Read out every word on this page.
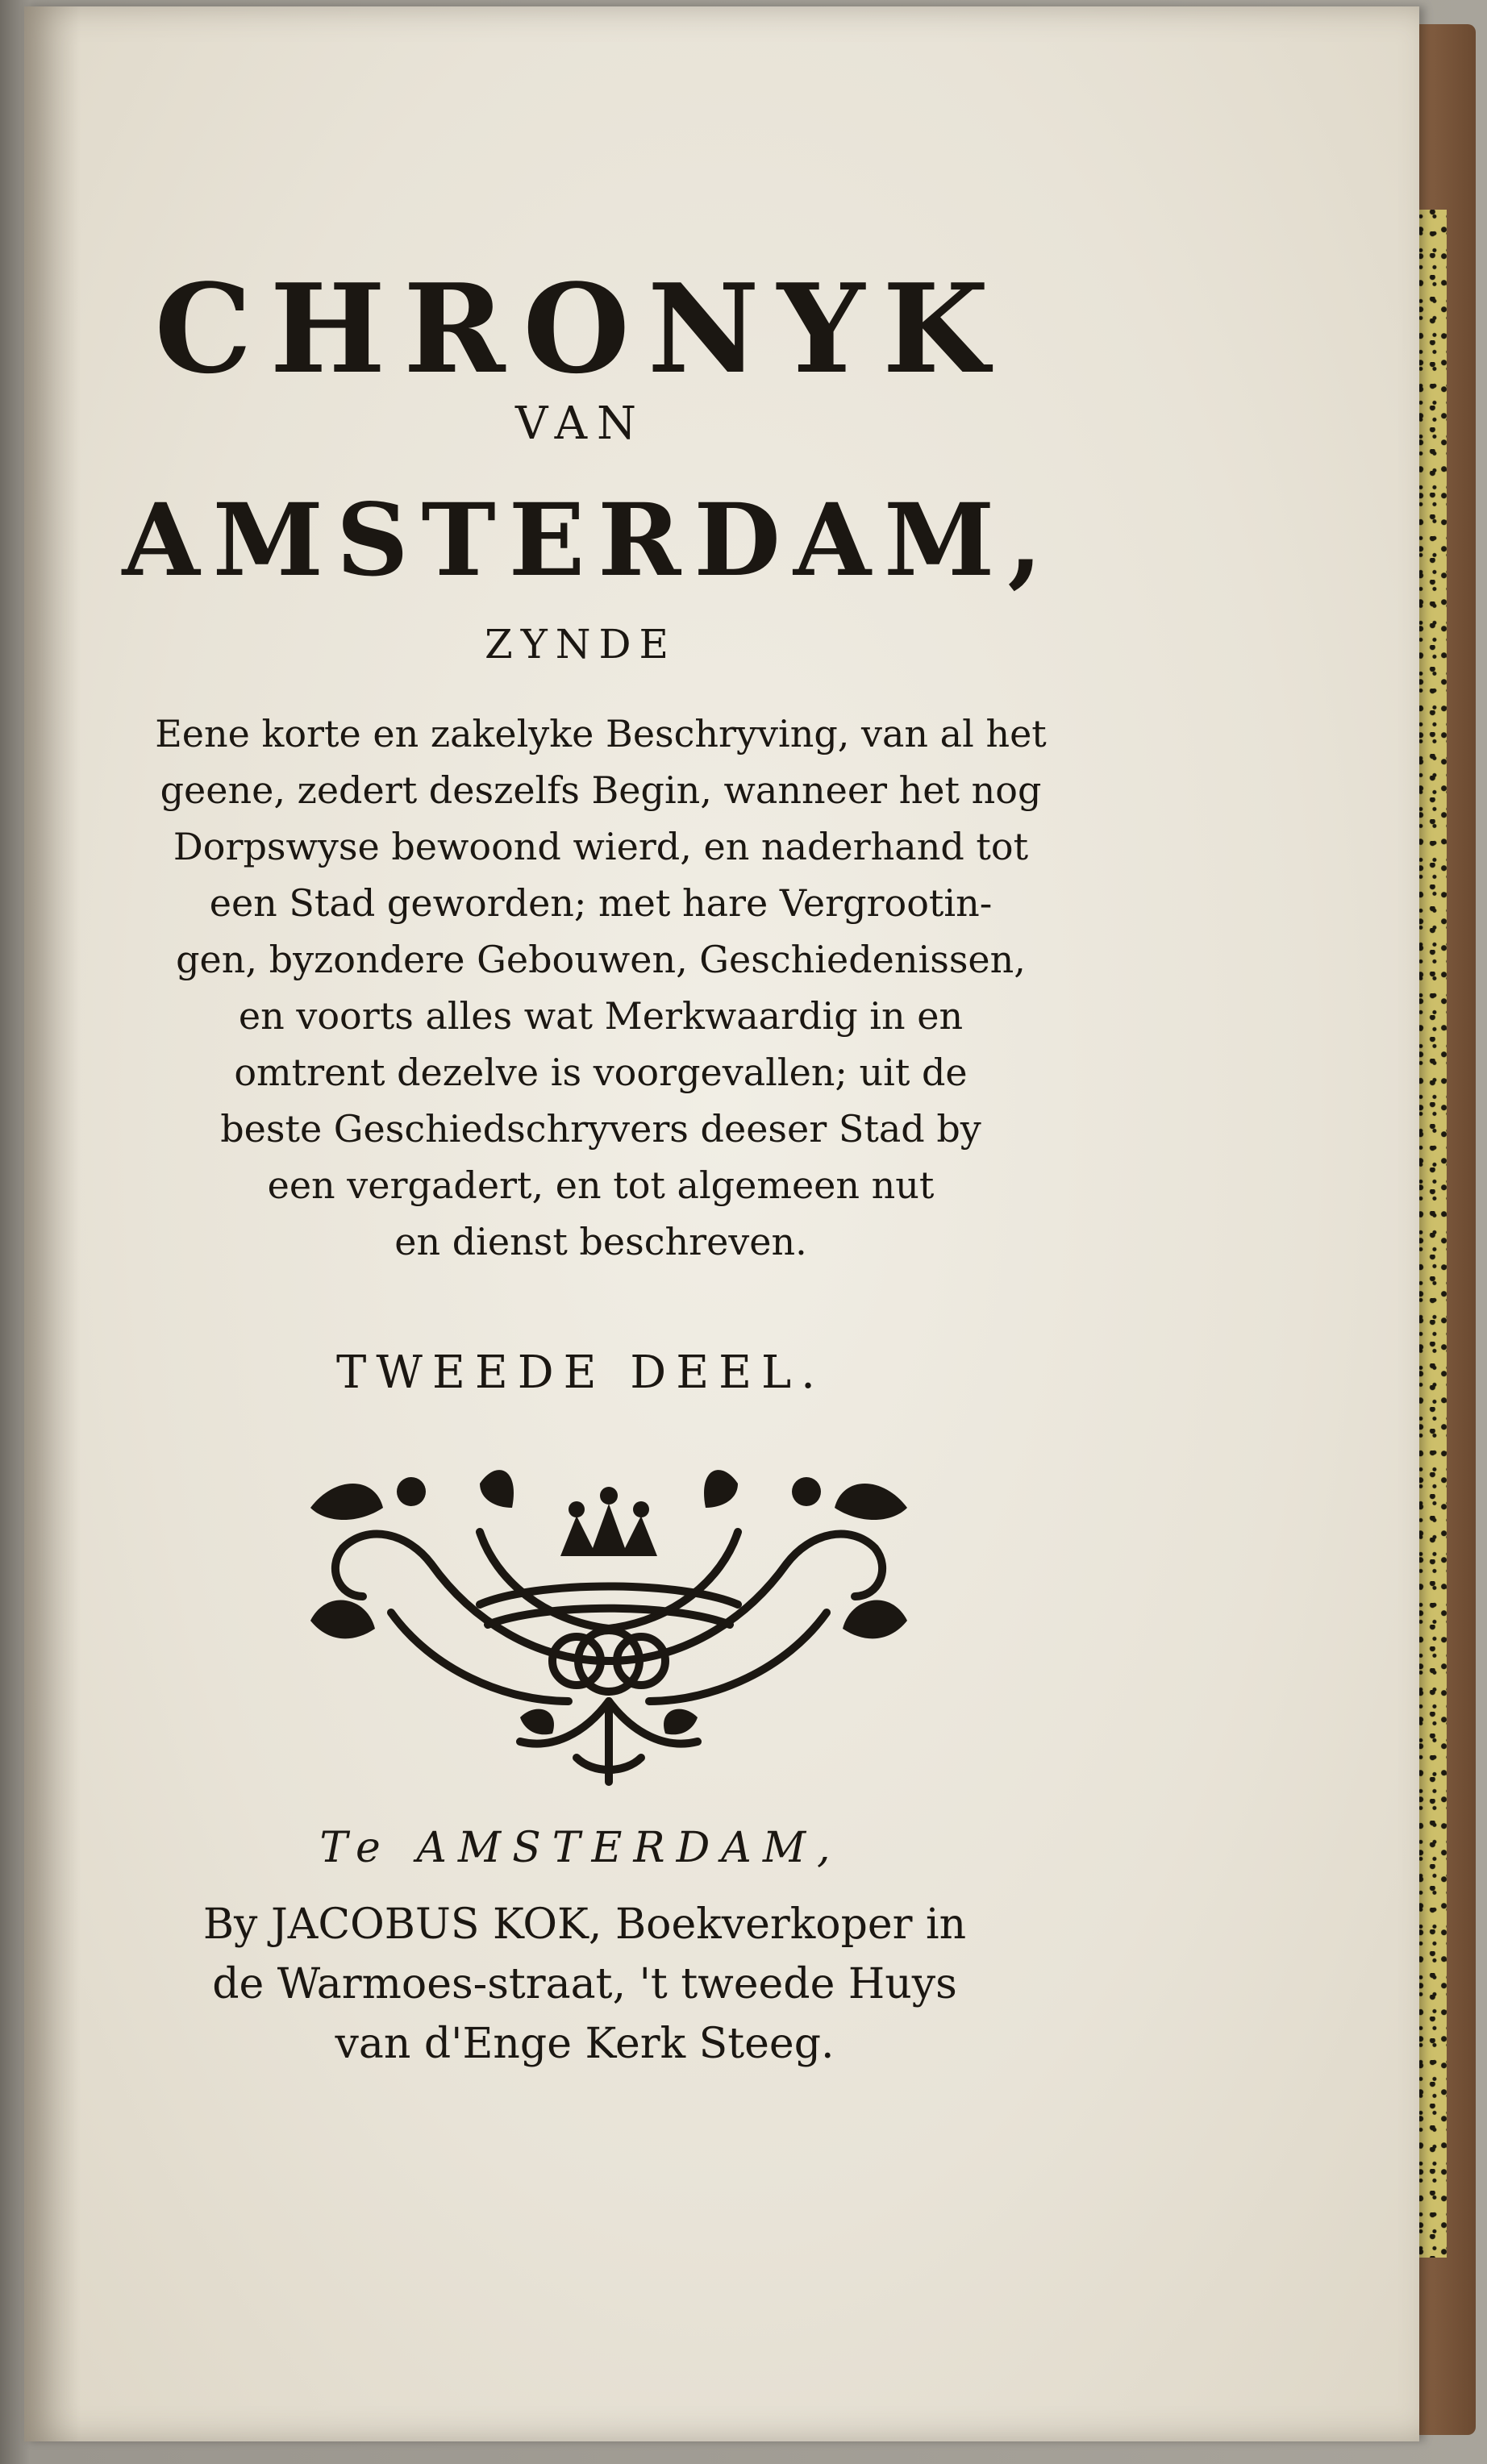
CHRONYK
VAN
AMSTERDAM,
ZYNDE
Eene korte en zakelyke Beschryving, van al het
geene, zedert deszelfs Begin, wanneer het nog
Dorpswyse bewoond wierd, en naderhand tot
een Stad geworden; met hare Vergrootin-
gen, byzondere Gebouwen, Geschiedenissen,
en voorts alles wat Merkwaardig in en
omtrent dezelve is voorgevallen; uit de
beste Geschiedschryvers deeser Stad by
een vergadert, en tot algemeen nut
en dienst beschreven.
TWEEDE DEEL.
Te AMSTERDAM,
By JACOBUS KOK, Boekverkoper in
de Warmoes-straat, 't tweede Huys
van d'Enge Kerk Steeg.
